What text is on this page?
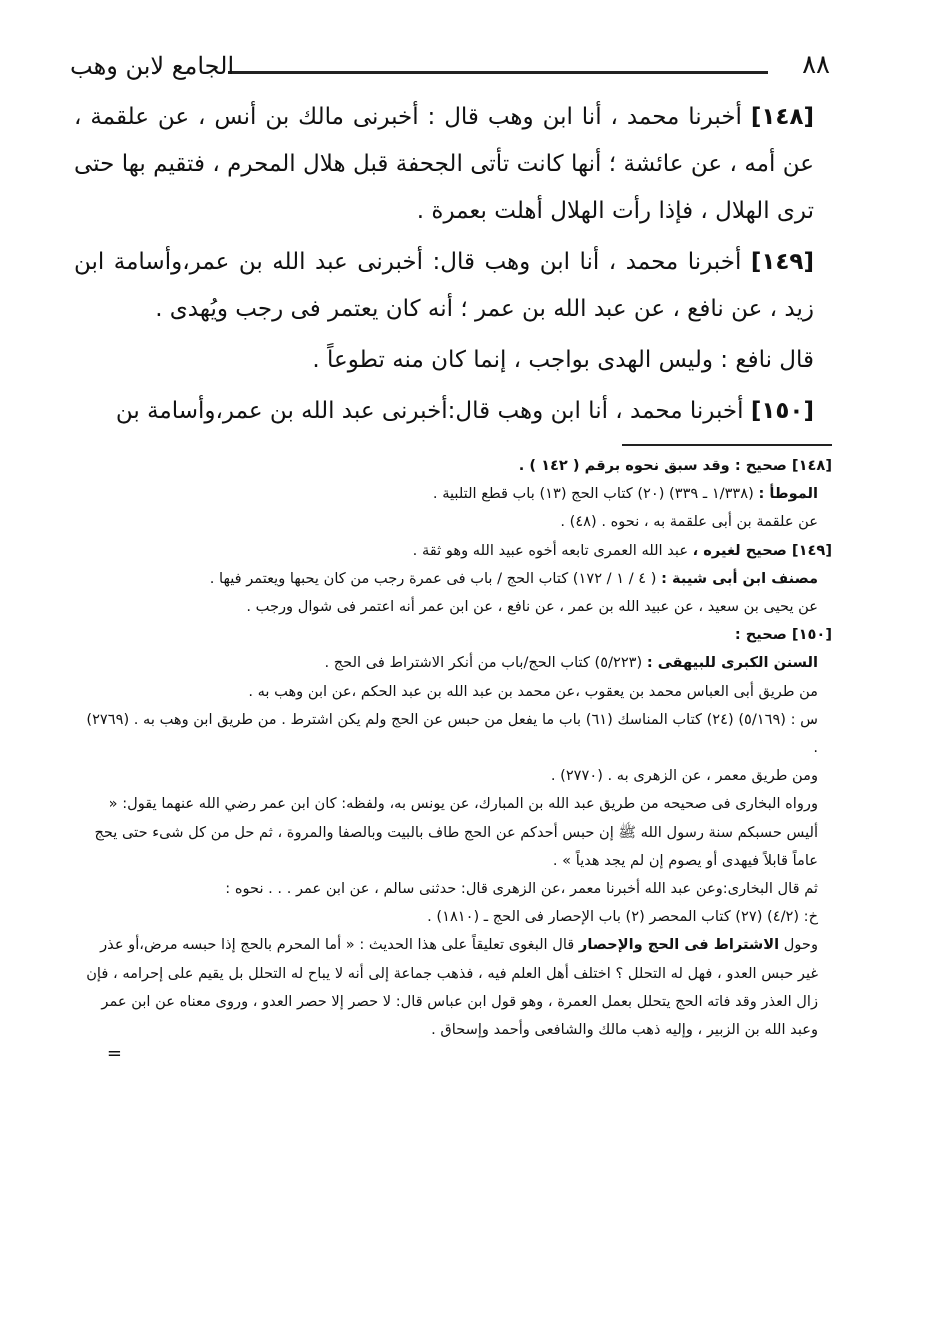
٨٨
الجامع لابن وهب

[١٤٨] أخبرنا محمد ، أنا ابن وهب قال : أخبرنى مالك بن أنس ، عن علقمة ، عن أمه ، عن عائشة ؛ أنها كانت تأتى الجحفة قبل هلال المحرم ، فتقيم بها حتى ترى الهلال ، فإذا رأت الهلال أهلت بعمرة .

[١٤٩] أخبرنا محمد ، أنا ابن وهب قال: أخبرنى عبد الله بن عمر،وأسامة ابن زيد ، عن نافع ، عن عبد الله بن عمر ؛ أنه كان يعتمر فى رجب ويُهدى .

قال نافع : وليس الهدى بواجب ، إنما كان منه تطوعاً .

[١٥٠] أخبرنا محمد ، أنا ابن وهب قال:أخبرنى عبد الله بن عمر،وأسامة بن

[١٤٨] صحيح : وقد سبق نحوه برقم ( ١٤٢ ) .

الموطأ : (١/٣٣٨ ـ ٣٣٩) (٢٠) كتاب الحج (١٣) باب قطع التلبية .

عن علقمة بن أبى علقمة به ، نحوه . (٤٨) .

[١٤٩] صحيح لغيره ، عبد الله العمرى تابعه أخوه عبيد الله وهو ثقة .

مصنف ابن أبى شيبة : ( ٤ / ١ / ١٧٢) كتاب الحج / باب فى عمرة رجب من كان يحبها ويعتمر فيها .

عن يحيى بن سعيد ، عن عبيد الله بن عمر ، عن نافع ، عن ابن عمر أنه اعتمر فى شوال ورجب .

[١٥٠] صحيح :

السنن الكبرى للبيهقى : (٥/٢٢٣) كتاب الحج/باب من أنكر الاشتراط فى الحج .

من طريق أبى العباس محمد بن يعقوب ،عن محمد بن عبد الله بن عبد الحكم ،عن ابن وهب به .

س : (٥/١٦٩) (٢٤) كتاب المناسك (٦١) باب ما يفعل من حبس عن الحج ولم يكن اشترط . من طريق ابن وهب به . (٢٧٦٩) .

ومن طريق معمر ، عن الزهرى به . (٢٧٧٠) .

ورواه البخارى فى صحيحه من طريق عبد الله بن المبارك، عن يونس به، ولفظه: كان ابن عمر رضي الله عنهما يقول: « أليس حسبكم سنة رسول الله ﷺ إن حبس أحدكم عن الحج طاف بالبيت وبالصفا والمروة ، ثم حل من كل شىء حتى يحج عاماً قابلاً فيهدى أو يصوم إن لم يجد هدياً » .

ثم قال البخارى:وعن عبد الله أخبرنا معمر ،عن الزهرى قال: حدثنى سالم ، عن ابن عمر . . . نحوه :

خ: (٤/٢) (٢٧) كتاب المحصر (٢) باب الإحصار فى الحج ـ (١٨١٠) .

وحول الاشتراط فى الحج والإحصار قال البغوى تعليقاً على هذا الحديث : « أما المحرم بالحج إذا حبسه مرض،أو عذر غير حبس العدو ، فهل له التحلل ؟ اختلف أهل العلم فيه ، فذهب جماعة إلى أنه لا يباح له التحلل بل يقيم على إحرامه ، فإن زال العذر وقد فاته الحج يتحلل بعمل العمرة ، وهو قول ابن عباس قال: لا حصر إلا حصر العدو ، وروى معناه عن ابن عمر وعبد الله بن الزبير ، وإليه ذهب مالك والشافعى وأحمد وإسحاق .

=
